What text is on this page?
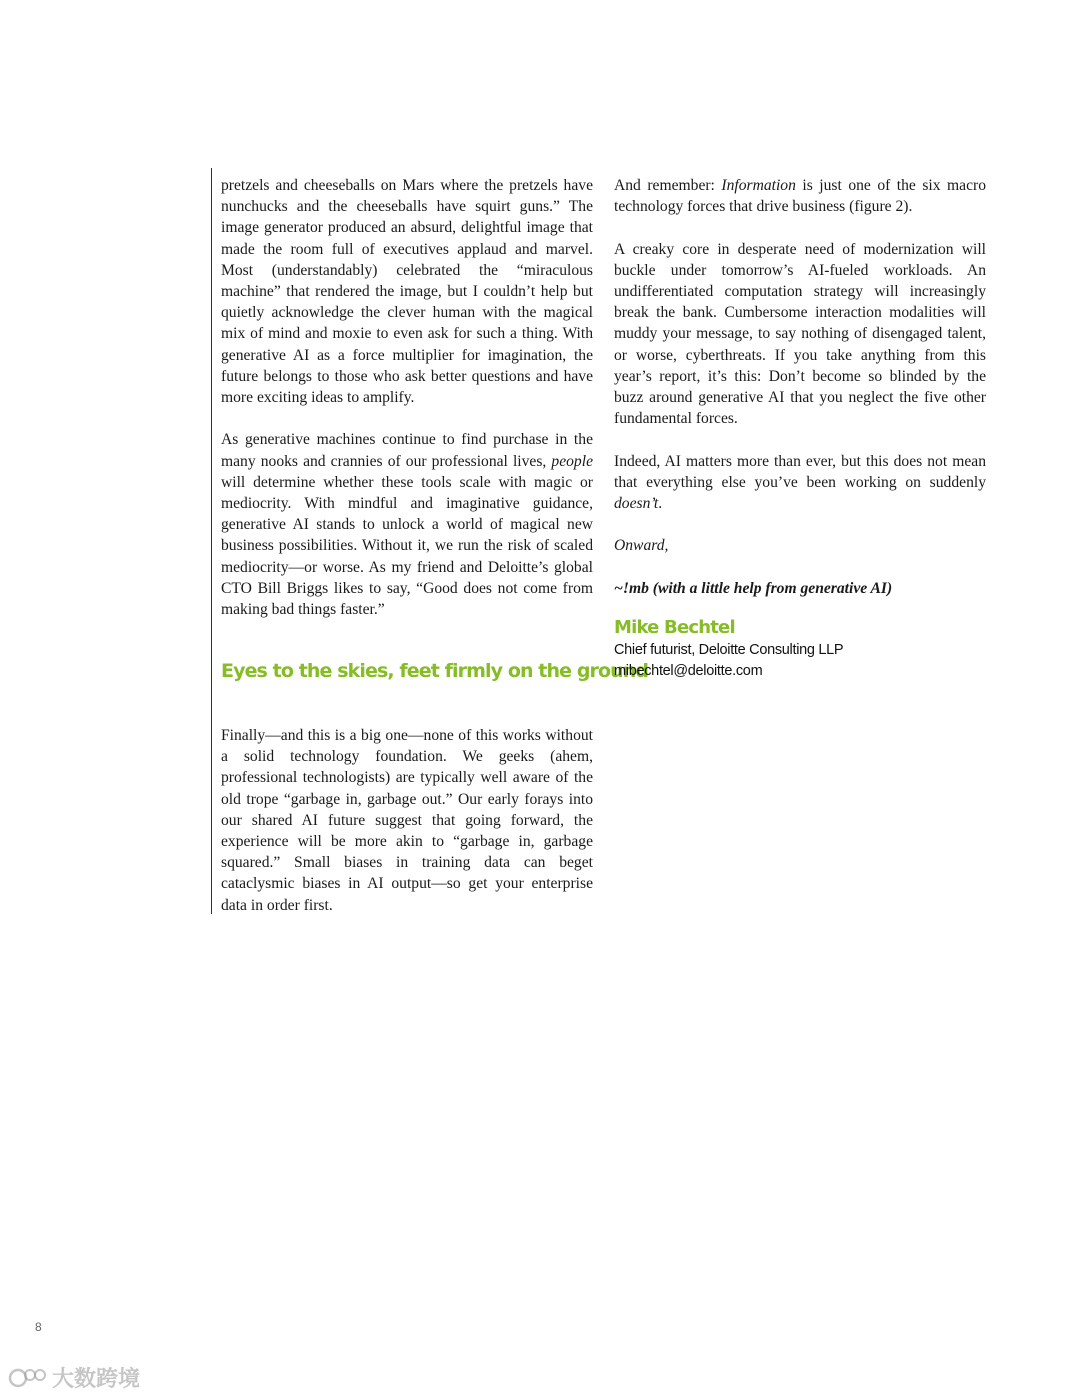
pretzels and cheeseballs on Mars where the pretzels have nunchucks and the cheeseballs have squirt guns.” The image generator produced an absurd, delightful image that made the room full of executives applaud and marvel. Most (understandably) celebrated the “miraculous machine” that rendered the image, but I couldn’t help but quietly acknowledge the clever human with the magical mix of mind and moxie to even ask for such a thing. With generative AI as a force multiplier for imagination, the future belongs to those who ask better questions and have more exciting ideas to amplify.

As generative machines continue to find purchase in the many nooks and crannies of our professional lives, people will determine whether these tools scale with magic or mediocrity. With mindful and imaginative guidance, generative AI stands to unlock a world of magical new business possibilities. Without it, we run the risk of scaled mediocrity—or worse. As my friend and Deloitte’s global CTO Bill Briggs likes to say, “Good does not come from making bad things faster.”

Eyes to the skies, feet firmly on the ground

Finally—and this is a big one—none of this works without a solid technology foundation. We geeks (ahem, professional technologists) are typically well aware of the old trope “garbage in, garbage out.” Our early forays into our shared AI future suggest that going forward, the experience will be more akin to “garbage in, garbage squared.” Small biases in training data can beget cataclysmic biases in AI output—so get your enterprise data in order first.

And remember: Information is just one of the six macro technology forces that drive business (figure 2).

A creaky core in desperate need of modernization will buckle under tomorrow’s AI-fueled workloads. An undifferentiated computation strategy will increasingly break the bank. Cumbersome interaction modalities will muddy your message, to say nothing of disengaged talent, or worse, cyberthreats. If you take anything from this year’s report, it’s this: Don’t become so blinded by the buzz around generative AI that you neglect the five other fundamental forces.

Indeed, AI matters more than ever, but this does not mean that everything else you’ve been working on suddenly doesn’t.

Onward,

~!mb (with a little help from generative AI)

Mike Bechtel
Chief futurist, Deloitte Consulting LLP
mibechtel@deloitte.com
8
大数跨境
